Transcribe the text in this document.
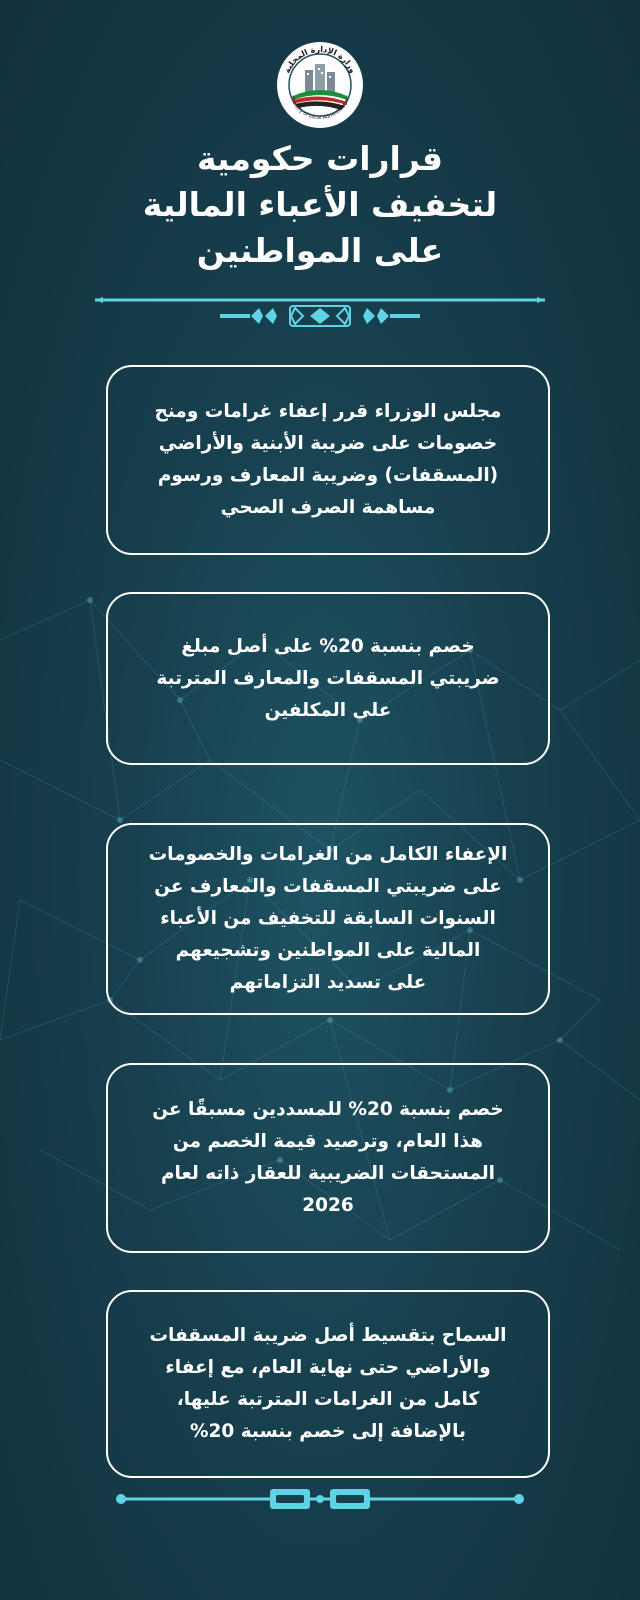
وزارة الإدارة المحلية
Ministry of Local Administration
قرارات حكومية
لتخفيف الأعباء المالية
على المواطنين
مجلس الوزراء قرر إعفاء غرامات ومنح
خصومات على ضريبة الأبنية والأراضي
(المسقفات) وضريبة المعارف ورسوم
مساهمة الصرف الصحي
خصم بنسبة 20% على أصل مبلغ
ضريبتي المسقفات والمعارف المترتبة
على المكلفين
الإعفاء الكامل من الغرامات والخصومات
على ضريبتي المسقفات والمعارف عن
السنوات السابقة للتخفيف من الأعباء
المالية على المواطنين وتشجيعهم
على تسديد التزاماتهم
خصم بنسبة 20% للمسددين مسبقًا عن
هذا العام، وترصيد قيمة الخصم من
المستحقات الضريبية للعقار ذاته لعام
2026
السماح بتقسيط أصل ضريبة المسقفات
والأراضي حتى نهاية العام، مع إعفاء
كامل من الغرامات المترتبة عليها،
بالإضافة إلى خصم بنسبة 20%
